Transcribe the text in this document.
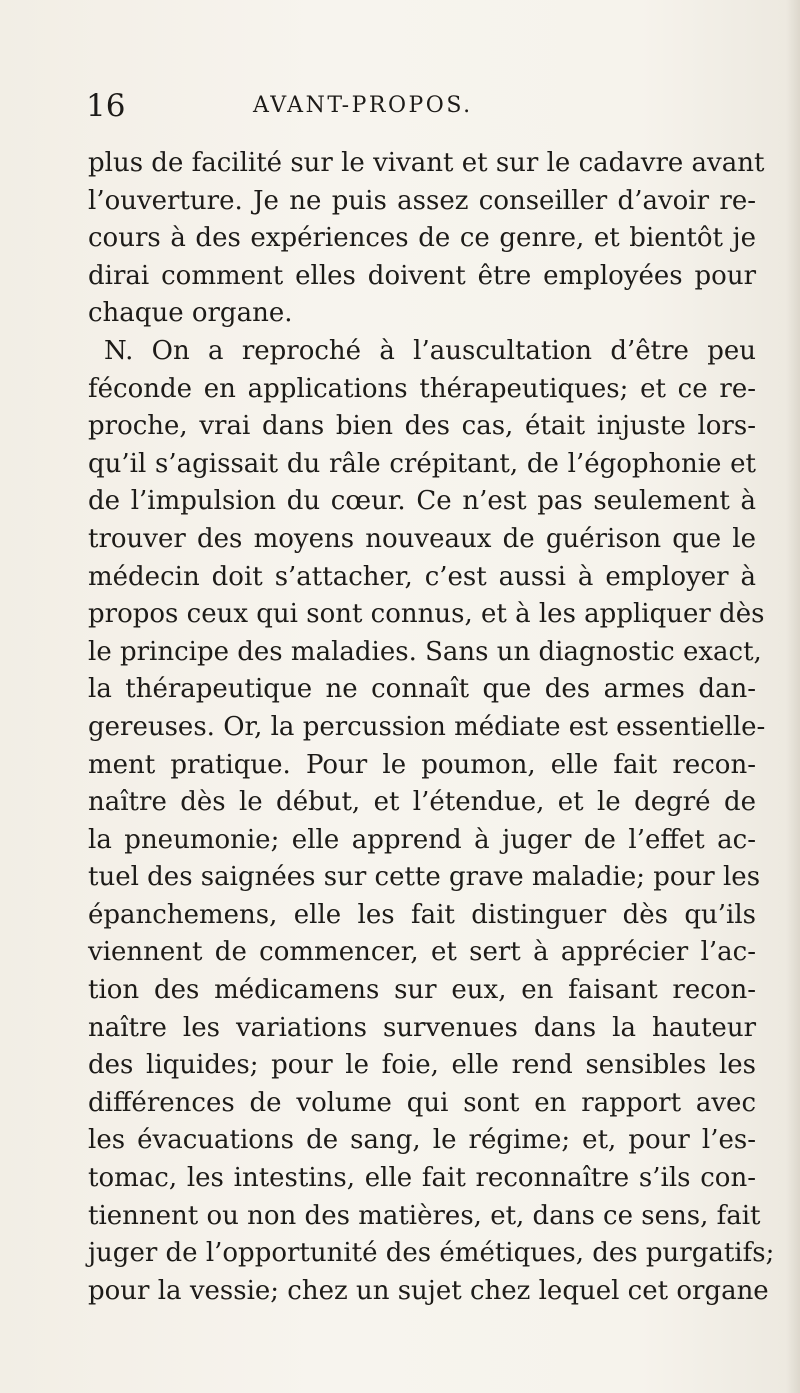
16	AVANT-PROPOS.
plus de facilité sur le vivant et sur le cadavre avant
l’ouverture. Je ne puis assez conseiller d’avoir re-
cours à des expériences de ce genre, et bientôt je
dirai comment elles doivent être employées pour
chaque organe.
N. On a reproché à l’auscultation d’être peu
féconde en applications thérapeutiques; et ce re-
proche, vrai dans bien des cas, était injuste lors-
qu’il s’agissait du râle crépitant, de l’égophonie et
de l’impulsion du cœur. Ce n’est pas seulement à
trouver des moyens nouveaux de guérison que le
médecin doit s’attacher, c’est aussi à employer à
propos ceux qui sont connus, et à les appliquer dès
le principe des maladies. Sans un diagnostic exact,
la thérapeutique ne connaît que des armes dan-
gereuses. Or, la percussion médiate est essentielle-
ment pratique. Pour le poumon, elle fait recon-
naître dès le début, et l’étendue, et le degré de
la pneumonie; elle apprend à juger de l’effet ac-
tuel des saignées sur cette grave maladie; pour les
épanchemens, elle les fait distinguer dès qu’ils
viennent de commencer, et sert à apprécier l’ac-
tion des médicamens sur eux, en faisant recon-
naître les variations survenues dans la hauteur
des liquides; pour le foie, elle rend sensibles les
différences de volume qui sont en rapport avec
les évacuations de sang, le régime; et, pour l’es-
tomac, les intestins, elle fait reconnaître s’ils con-
tiennent ou non des matières, et, dans ce sens, fait
juger de l’opportunité des émétiques, des purgatifs;
pour la vessie; chez un sujet chez lequel cet organe
